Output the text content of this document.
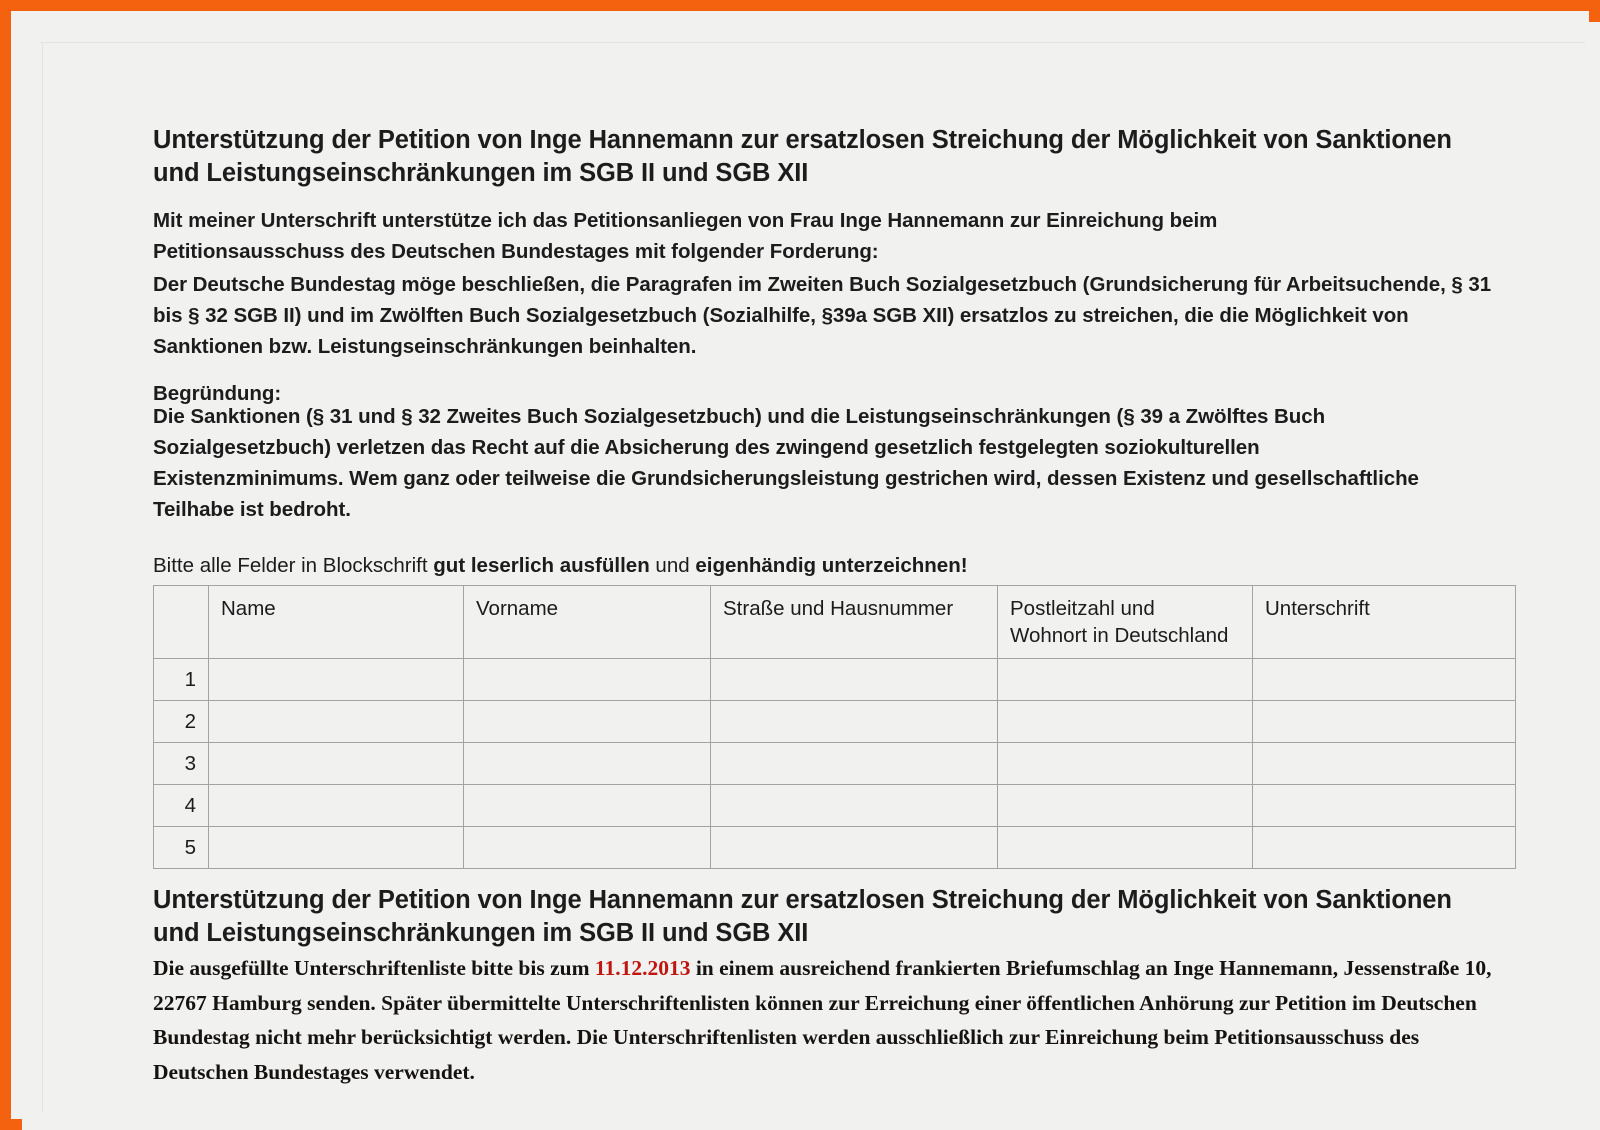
Unterstützung der Petition von Inge Hannemann zur ersatzlosen Streichung der Möglichkeit von Sanktionen und Leistungseinschränkungen im SGB II und SGB XII
Mit meiner Unterschrift unterstütze ich das Petitionsanliegen von Frau Inge Hannemann zur Einreichung beim Petitionsausschuss des Deutschen Bundestages mit folgender Forderung:
Der Deutsche Bundestag möge beschließen, die Paragrafen im Zweiten Buch Sozialgesetzbuch (Grundsicherung für Arbeitsuchende, § 31 bis § 32 SGB II) und im Zwölften Buch Sozialgesetzbuch (Sozialhilfe, §39a SGB XII) ersatzlos zu streichen, die die Möglichkeit von Sanktionen bzw. Leistungseinschränkungen beinhalten.
Begründung:
Die Sanktionen (§ 31 und § 32 Zweites Buch Sozialgesetzbuch) und die Leistungseinschränkungen (§ 39 a Zwölftes Buch Sozialgesetzbuch) verletzen das Recht auf die Absicherung des zwingend gesetzlich festgelegten soziokulturellen Existenzminimums. Wem ganz oder teilweise die Grundsicherungsleistung gestrichen wird, dessen Existenz und gesellschaftliche Teilhabe ist bedroht.
Bitte alle Felder in Blockschrift gut leserlich ausfüllen und eigenhändig unterzeichnen!
	Name	Vorname	Straße und Hausnummer	Postleitzahl und
Wohnort in Deutschland	Unterschrift
1					
2					
3					
4					
5					
Unterstützung der Petition von Inge Hannemann zur ersatzlosen Streichung der Möglichkeit von Sanktionen und Leistungseinschränkungen im SGB II und SGB XII
Die ausgefüllte Unterschriftenliste bitte bis zum 11.12.2013 in einem ausreichend frankierten Briefumschlag an Inge Hannemann, Jessenstraße 10, 22767 Hamburg senden. Später übermittelte Unterschriftenlisten können zur Erreichung einer öffentlichen Anhörung zur Petition im Deutschen Bundestag nicht mehr berücksichtigt werden. Die Unterschriftenlisten werden ausschließlich zur Einreichung beim Petitionsausschuss des Deutschen Bundestages verwendet.
